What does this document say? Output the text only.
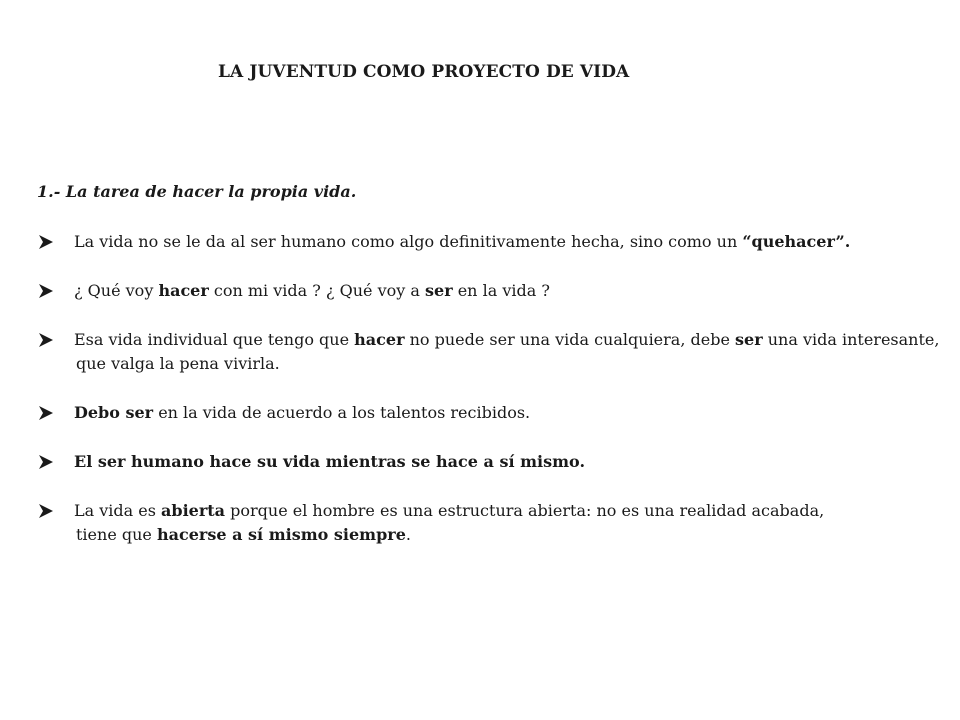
LA JUVENTUD COMO PROYECTO DE VIDA
1.- La tarea de hacer la propia vida.
La vida no se le da al ser humano como algo definitivamente hecha, sino como un “quehacer”.
¿ Qué voy hacer con mi vida ? ¿ Qué voy a ser en la vida ?
Esa vida individual que tengo que hacer no puede ser una vida cualquiera, debe ser una vida interesante,
que valga la pena vivirla.
Debo ser en la vida de acuerdo a los talentos recibidos.
El ser humano hace su vida mientras se hace a sí mismo.
La vida es abierta porque el hombre es una estructura abierta: no es una realidad acabada,
tiene que hacerse a sí mismo siempre.
